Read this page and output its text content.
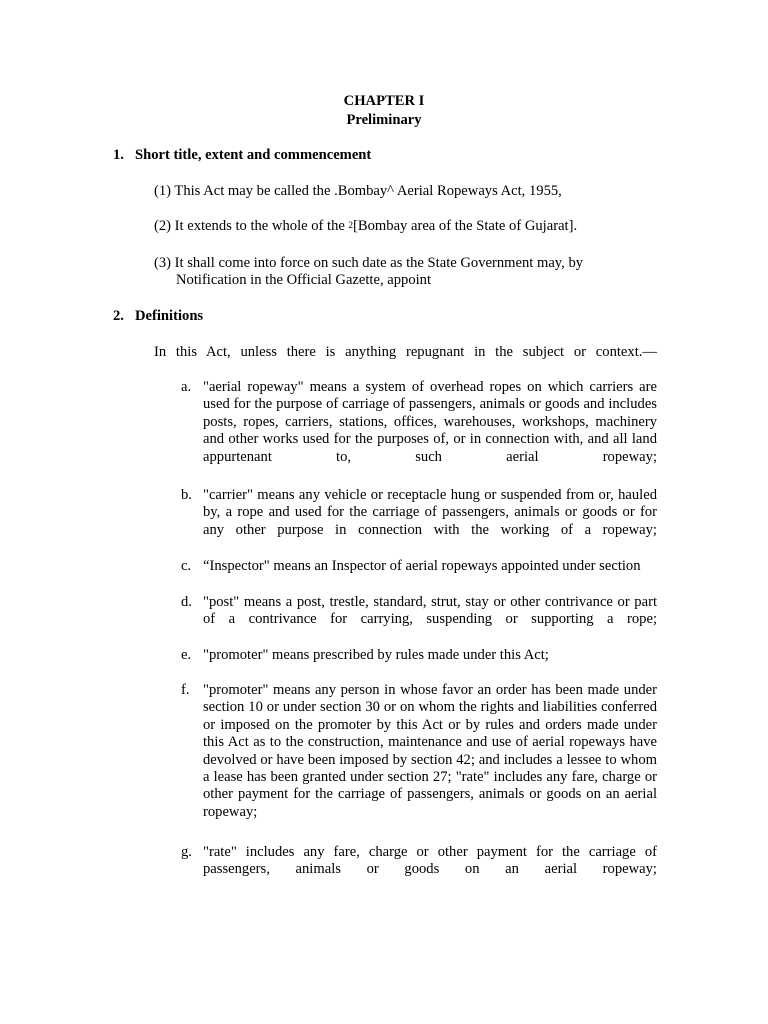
CHAPTER I
Preliminary
1. Short title, extent and commencement
(1) This Act may be called the .Bombay^ Aerial Ropeways Act, 1955,
(2) It extends to the whole of the $^2$[Bombay area of the State of Gujarat].
(3) It shall come into force on such date as the State Government may, by
Notification in the Official Gazette, appoint
2. Definitions
In this Act, unless there is anything repugnant in the subject or context.—
a. "aerial ropeway" means a system of overhead ropes on which carriers are used for the purpose of carriage of passengers, animals or goods and includes posts, ropes, carriers, stations, offices, warehouses, workshops, machinery and other works used for the purposes of, or in connection with, and all land appurtenant to, such aerial ropeway;
b. "carrier" means any vehicle or receptacle hung or suspended from or, hauled by, a rope and used for the carriage of passengers, animals or goods or for any other purpose in connection with the working of a ropeway;
c. “Inspector" means an Inspector of aerial ropeways appointed under section
d. "post" means a post, trestle, standard, strut, stay or other contrivance or part of a contrivance for carrying, suspending or supporting a rope;
e. "promoter" means prescribed by rules made under this Act;
f. "promoter" means any person in whose favor an order has been made under section 10 or under section 30 or on whom the rights and liabilities conferred or imposed on the promoter by this Act or by rules and orders made under this Act as to the construction, maintenance and use of aerial ropeways have devolved or have been imposed by section 42; and includes a lessee to whom a lease has been granted under section 27; "rate" includes any fare, charge or other payment for the carriage of passengers, animals or goods on an aerial ropeway;
g. "rate" includes any fare, charge or other payment for the carriage of passengers, animals or goods on an aerial ropeway;
